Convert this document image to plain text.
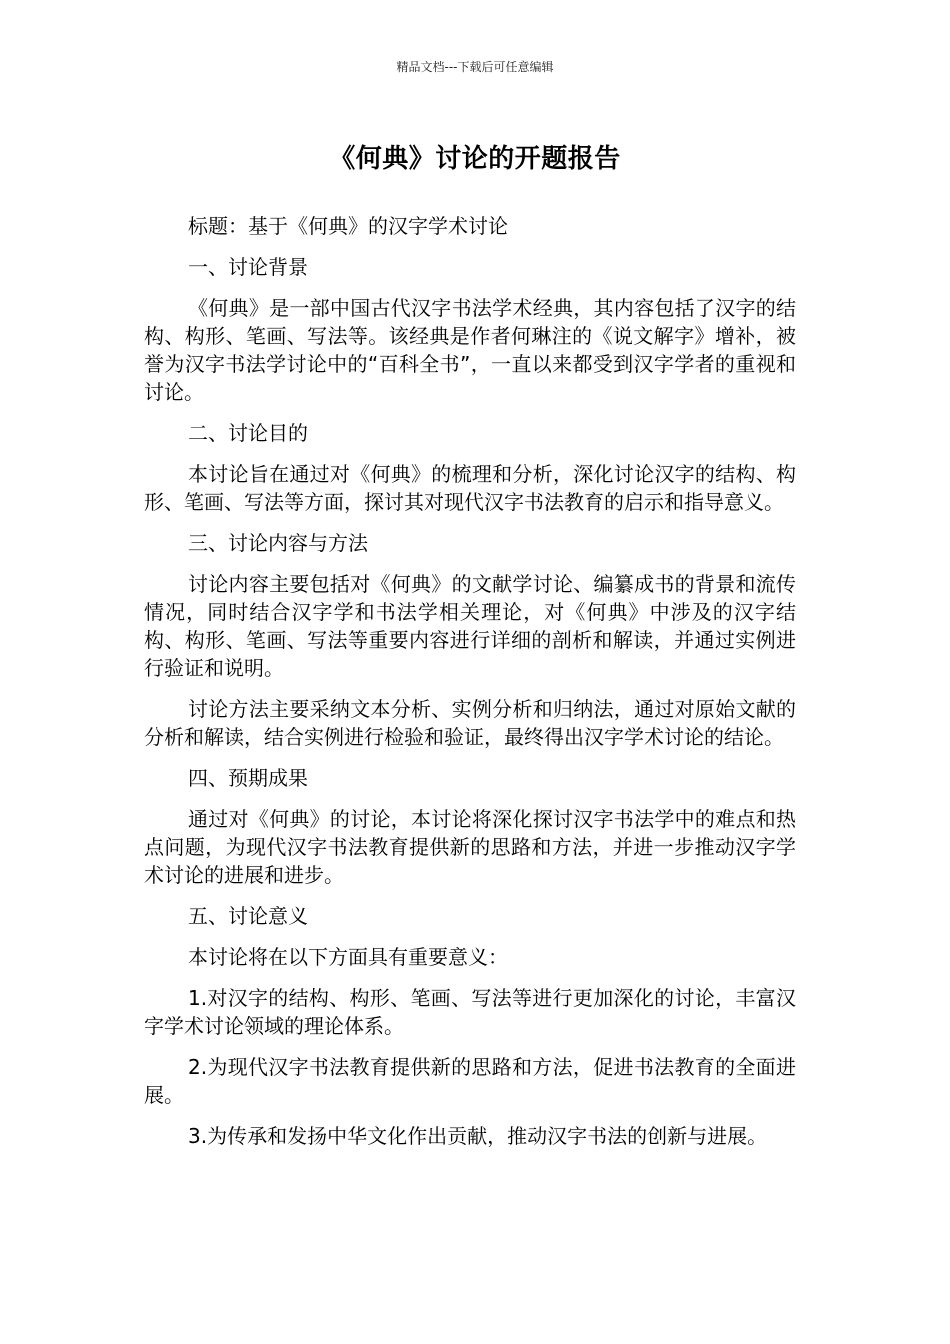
精品文档---下载后可任意编辑
《何典》讨论的开题报告

标题：基于《何典》的汉字学术讨论

一、讨论背景

《何典》是一部中国古代汉字书法学术经典，其内容包括了汉字的结构、构形、笔画、写法等。该经典是作者何琳注的《说文解字》增补，被誉为汉字书法学讨论中的“百科全书”，一直以来都受到汉字学者的重视和讨论。

二、讨论目的

本讨论旨在通过对《何典》的梳理和分析，深化讨论汉字的结构、构形、笔画、写法等方面，探讨其对现代汉字书法教育的启示和指导意义。

三、讨论内容与方法

讨论内容主要包括对《何典》的文献学讨论、编纂成书的背景和流传情况，同时结合汉字学和书法学相关理论，对《何典》中涉及的汉字结构、构形、笔画、写法等重要内容进行详细的剖析和解读，并通过实例进行验证和说明。

讨论方法主要采纳文本分析、实例分析和归纳法，通过对原始文献的分析和解读，结合实例进行检验和验证，最终得出汉字学术讨论的结论。

四、预期成果

通过对《何典》的讨论，本讨论将深化探讨汉字书法学中的难点和热点问题，为现代汉字书法教育提供新的思路和方法，并进一步推动汉字学术讨论的进展和进步。

五、讨论意义

本讨论将在以下方面具有重要意义：

1.对汉字的结构、构形、笔画、写法等进行更加深化的讨论，丰富汉字学术讨论领域的理论体系。

2.为现代汉字书法教育提供新的思路和方法，促进书法教育的全面进展。

3.为传承和发扬中华文化作出贡献，推动汉字书法的创新与进展。
